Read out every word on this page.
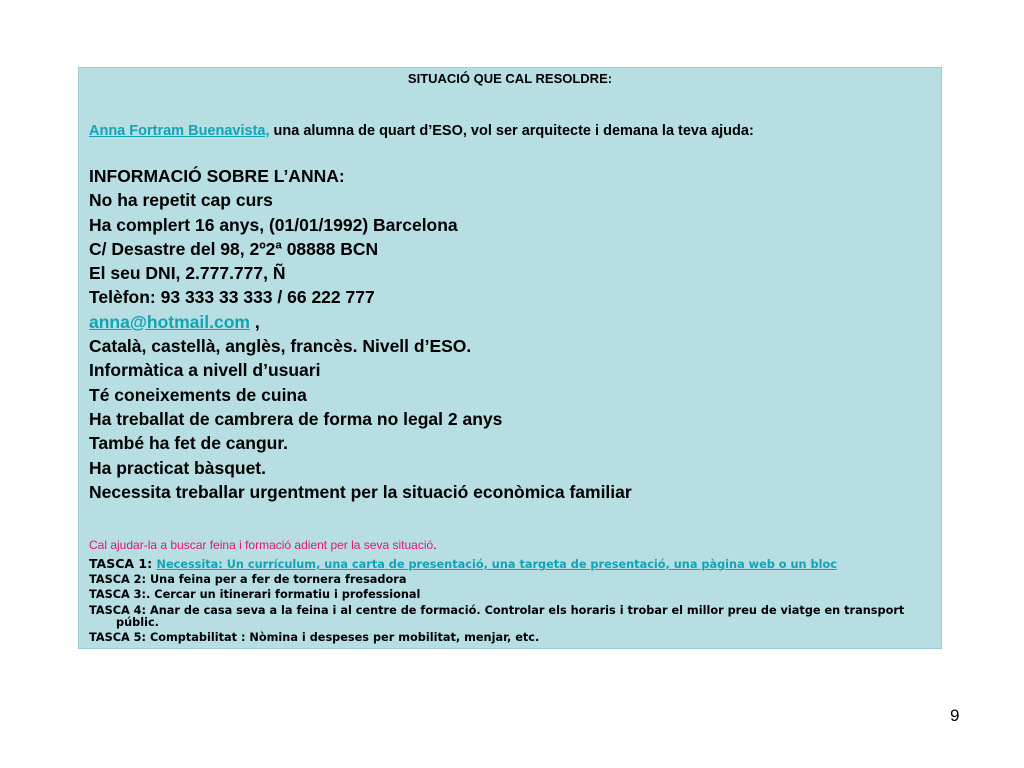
SITUACIÓ QUE CAL RESOLDRE:
Anna Fortram Buenavista, una alumna de quart d’ESO, vol ser arquitecte i demana la teva ajuda:
INFORMACIÓ SOBRE L’ANNA:
No ha repetit cap curs
Ha complert 16 anys, (01/01/1992) Barcelona
C/ Desastre del 98, 2º2ª 08888 BCN
El seu DNI, 2.777.777, Ñ
Telèfon: 93 333 33 333 / 66 222 777
anna@hotmail.com ,
Català, castellà, anglès, francès. Nivell d’ESO.
Informàtica a nivell d’usuari
Té coneixements de cuina
Ha treballat de cambrera de forma no legal 2 anys
També ha fet de cangur.
Ha practicat bàsquet.
Necessita treballar urgentment per la situació econòmica familiar
Cal ajudar-la a buscar feina i formació adient per la seva situació.
TASCA 1: Necessita: Un currículum, una carta de presentació, una targeta de presentació, una pàgina web o un bloc
TASCA 2: Una feina per a fer de tornera fresadora
TASCA 3:. Cercar un itinerari formatiu i professional
TASCA 4: Anar de casa seva a la feina i al centre de formació. Controlar els horaris i trobar el millor preu de viatge en transport públic.
TASCA 5: Comptabilitat : Nòmina i despeses per mobilitat, menjar, etc.
9
